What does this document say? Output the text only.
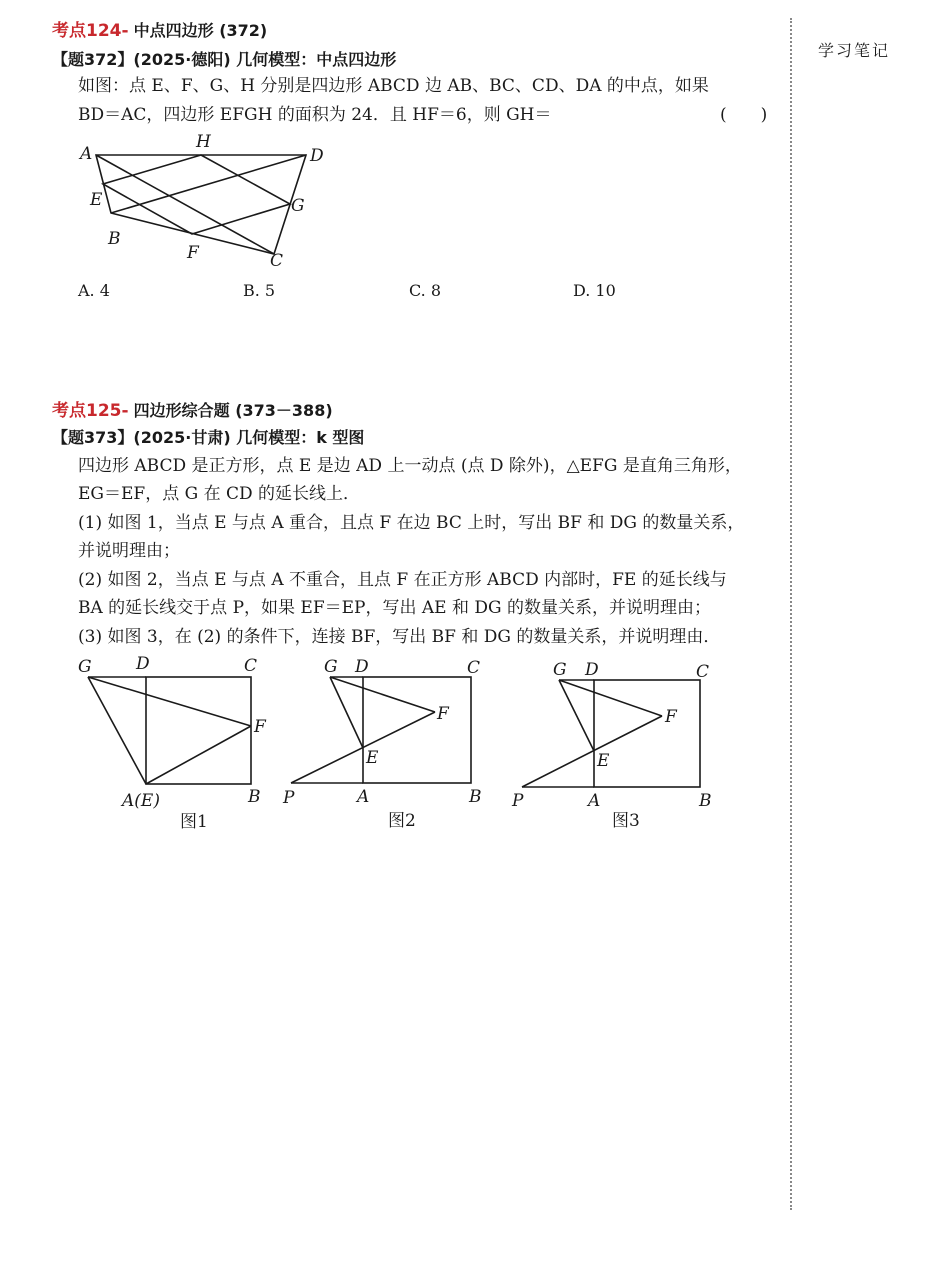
学习笔记
考点124- 中点四边形 (372)
【题372】(2025·德阳) 几何模型：中点四边形
如图：点 E、F、G、H 分别是四边形 ABCD 边 AB、BC、CD、DA 的中点，如果
BD＝AC，四边形 EFGH 的面积为 24．且 HF＝6，则 GH＝	(　　)
A
H
D
E	G
B
F	C
A. 4	B. 5	C. 8	D. 10
考点125- 四边形综合题 (373－388)
【题373】(2025·甘肃) 几何模型：k 型图
四边形 ABCD 是正方形，点 E 是边 AD 上一动点 (点 D 除外)，△EFG 是直角三角形，
EG＝EF，点 G 在 CD 的延长线上．
(1) 如图 1，当点 E 与点 A 重合，且点 F 在边 BC 上时，写出 BF 和 DG 的数量关系，
并说明理由；
(2) 如图 2，当点 E 与点 A 不重合，且点 F 在正方形 ABCD 内部时，FE 的延长线与
BA 的延长线交于点 P，如果 EF＝EP，写出 AE 和 DG 的数量关系，并说明理由；
(3) 如图 3，在 (2) 的条件下，连接 BF，写出 BF 和 DG 的数量关系，并说明理由．
G	D	C
F
A(E)	B
图1
G D	C
F
E
P	A	B
图2
G D	C
F
E
P	A	B
图3
